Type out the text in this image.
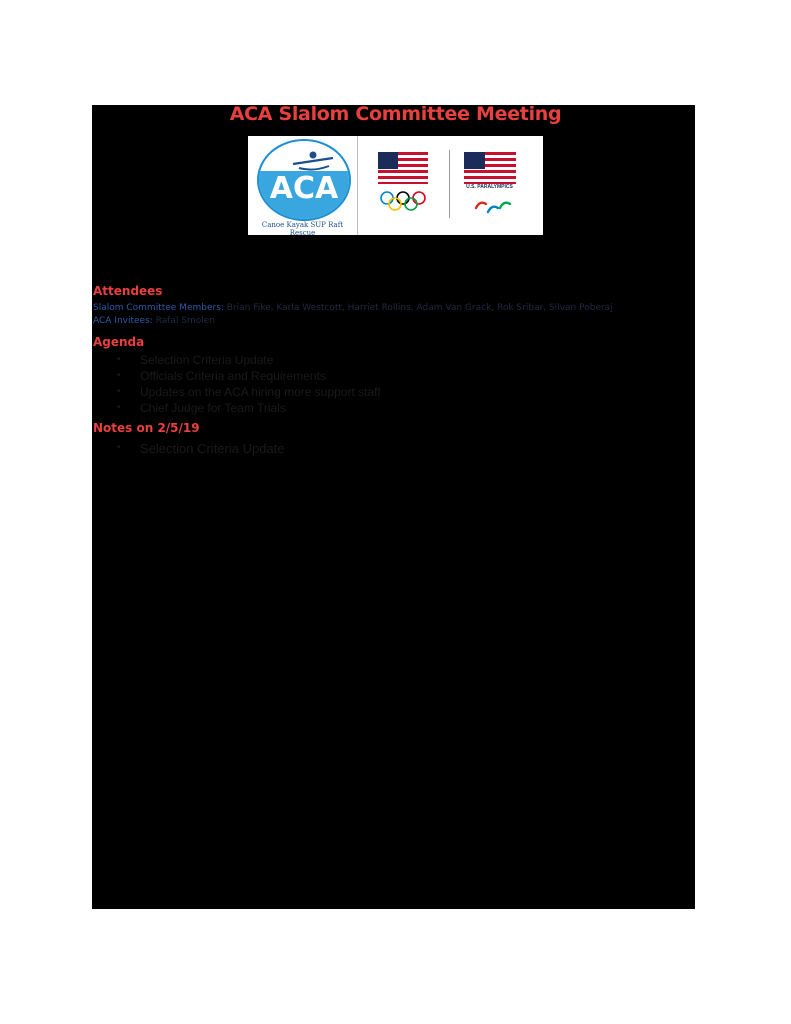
ACA Slalom Committee Meeting
ACA
Canoe Kayak SUP Raft Rescue
U.S. PARALYMPICS
Attendees
Slalom Committee Members: Brian Fike, Karla Westcott, Harriet Rollins, Adam Van Grack, Rok Sribar, Silvan Poberaj
ACA Invitees: Rafal Smolen
Agenda
• Selection Criteria Update
• Officials Criteria and Requirements
• Updates on the ACA hiring more support staff
• Chief Judge for Team Trials
Notes on 2/5/19
• Selection Criteria Update
